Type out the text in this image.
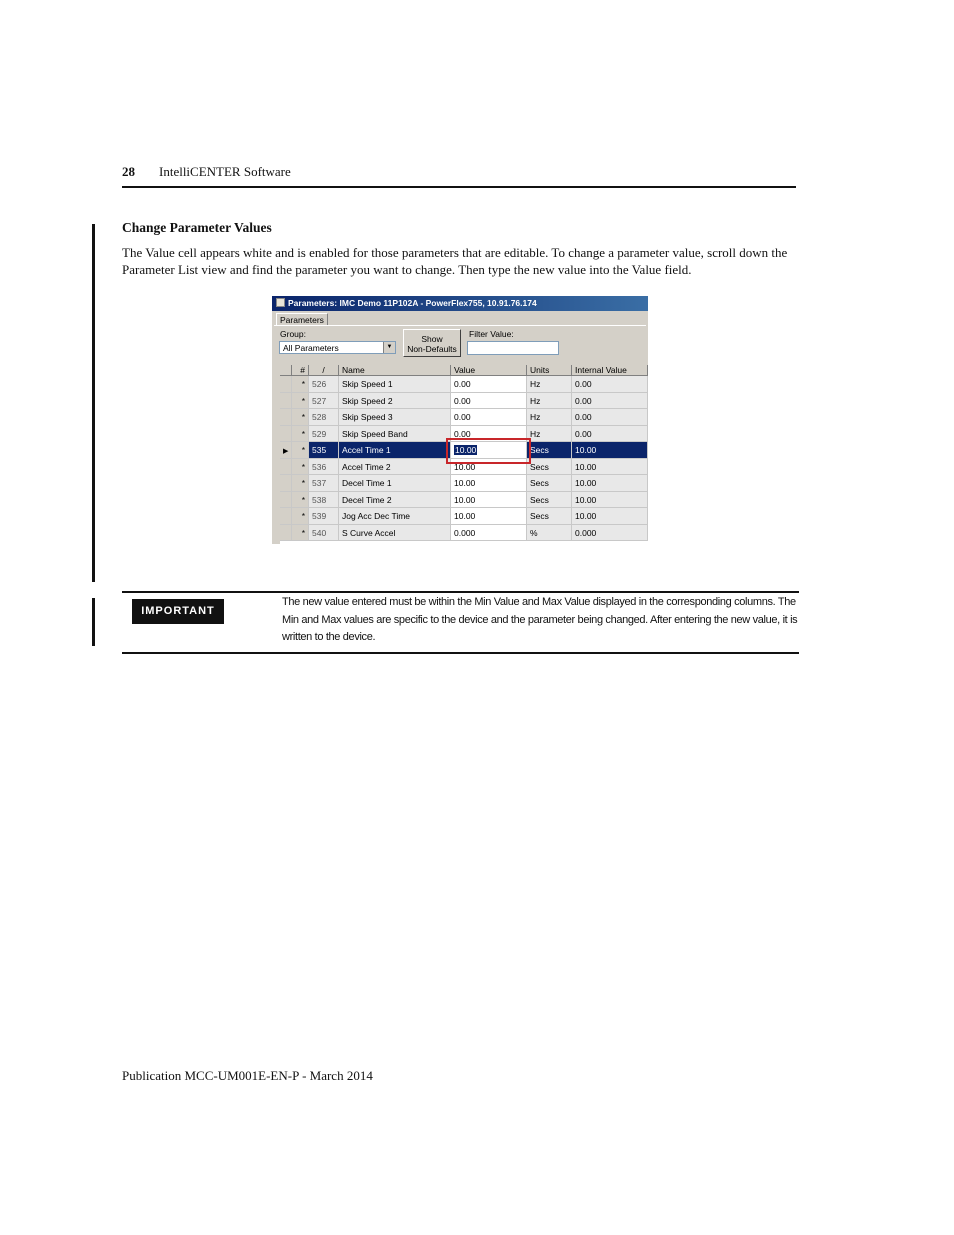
28 IntelliCENTER Software
Change Parameter Values
The Value cell appears white and is enabled for those parameters that are editable. To change a parameter value, scroll down the Parameter List view and find the parameter you want to change. Then type the new value into the Value field.
Parameters: IMC Demo 11P102A - PowerFlex755, 10.91.76.174
Parameters
Group:
All Parameters	▼
Show
Non-Defaults
Filter Value:
#	/	Name	Value	Units	Internal Value
* 526	Skip Speed 1	0.00	Hz	0.00
* 527	Skip Speed 2	0.00	Hz	0.00
* 528	Skip Speed 3	0.00	Hz	0.00
* 529	Skip Speed Band	0.00	Hz	0.00
▶	* 535	Accel Time 1	10.00	Secs	10.00
* 536	Accel Time 2	10.00	Secs	10.00
* 537	Decel Time 1	10.00	Secs	10.00
* 538	Decel Time 2	10.00	Secs	10.00
* 539	Jog Acc Dec Time	10.00	Secs	10.00
* 540	S Curve Accel	0.000	%	0.000
IMPORTANT
The new value entered must be within the Min Value and Max Value displayed in the corresponding columns. The Min and Max values are specific to the device and the parameter being changed. After entering the new value, it is written to the device.
Publication MCC-UM001E-EN-P - March 2014
